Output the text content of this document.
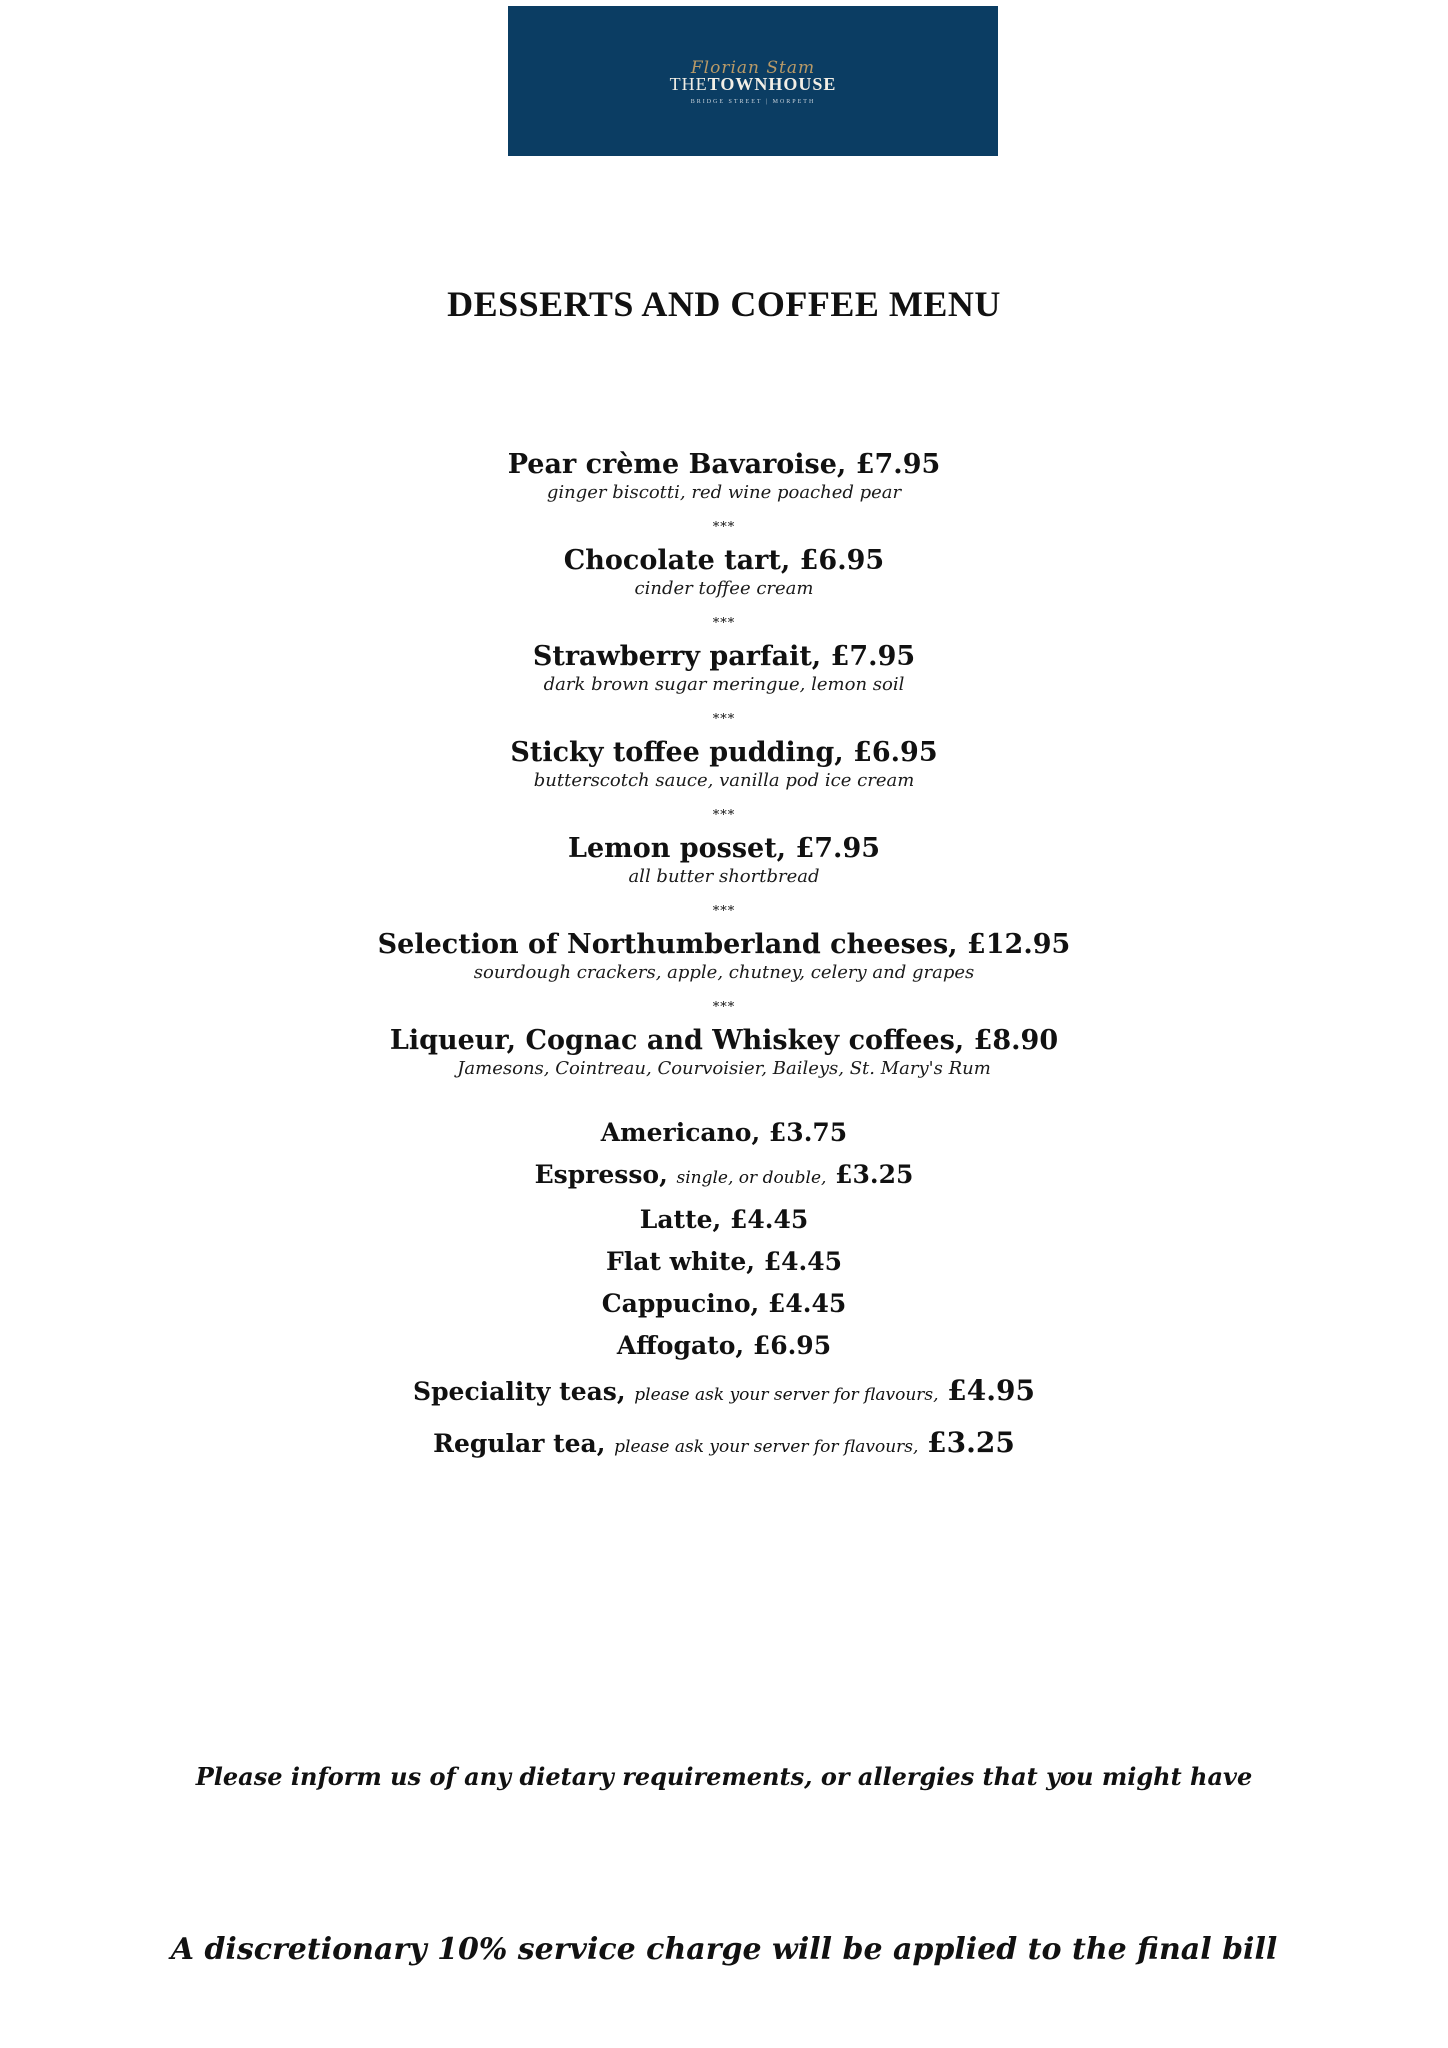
Florian Stam
THETOWNHOUSE
BRIDGE STREET | MORPETH
DESSERTS AND COFFEE MENU
Pear crème Bavaroise, £7.95
ginger biscotti, red wine poached pear
***
Chocolate tart, £6.95
cinder toffee cream
***
Strawberry parfait, £7.95
dark brown sugar meringue, lemon soil
***
Sticky toffee pudding, £6.95
butterscotch sauce, vanilla pod ice cream
***
Lemon posset, £7.95
all butter shortbread
***
Selection of Northumberland cheeses, £12.95
sourdough crackers, apple, chutney, celery and grapes
***
Liqueur, Cognac and Whiskey coffees, £8.90
Jamesons, Cointreau, Courvoisier, Baileys, St. Mary's Rum
Americano, £3.75
Espresso, single, or double, £3.25
Latte, £4.45
Flat white, £4.45
Cappucino, £4.45
Affogato, £6.95
Speciality teas, please ask your server for flavours, £4.95
Regular tea, please ask your server for flavours, £3.25
Please inform us of any dietary requirements, or allergies that you might have
A discretionary 10% service charge will be applied to the final bill
